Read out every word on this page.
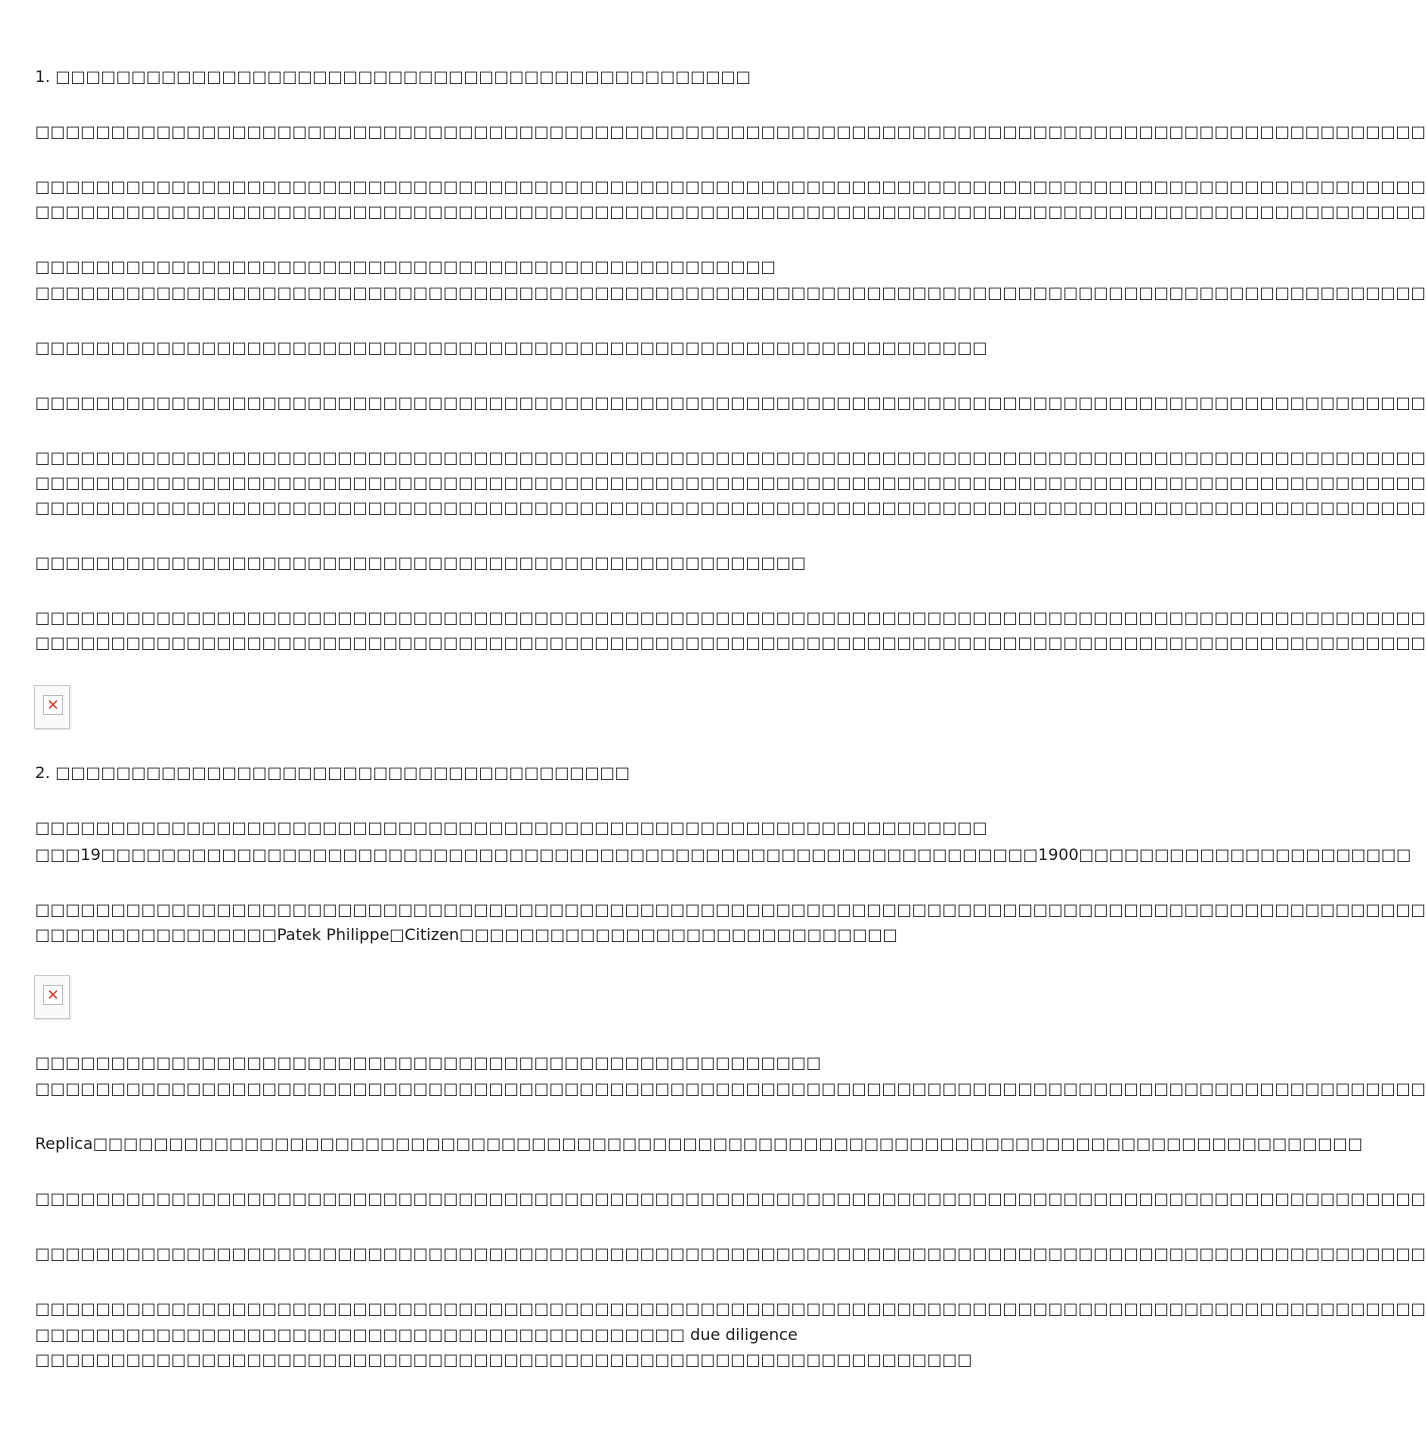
1. □□□□□□□□□□□□□□□□□□□□□□□□□□□□□□□□□□□□□□□□□□□□□□
□□□□□□□□□□□□□□□□□□□□□□□□□□□□□□□□□□□□□□□□□□□□□□□□□□□□□□□□□□□□□□□□□□□□□□□□□□□□□□□□□□□□□□□□□□□□
□□□□□□□□□□□□□□□□□□□□□□□□□□□□□□□□□□□□□□□□□□□□□□□□□□□□□□□□□□□□□□□□□□□□□□□□□□□□□□□□□□□□□□□□□□□□
□□□□□□□□□□□□□□□□□□□□□□□□□□□□□□□□□□□□□□□□□□□□□□□□□□□□□□□□□□□□□□□□□□□□□□□□□□□□□□□□□□□□□□□□□□□□
□□□□□□□□□□□□□□□□□□□□□□□□□□□□□□□□□□□□□□□□□□□□□□□□□
□□□□□□□□□□□□□□□□□□□□□□□□□□□□□□□□□□□□□□□□□□□□□□□□□□□□□□□□□□□□□□□□□□□□□□□□□□□□□□□□□□□□□□□□□□□□
□□□□□□□□□□□□□□□□□□□□□□□□□□□□□□□□□□□□□□□□□□□□□□□□□□□□□□□□□□□□□□□
□□□□□□□□□□□□□□□□□□□□□□□□□□□□□□□□□□□□□□□□□□□□□□□□□□□□□□□□□□□□□□□□□□□□□□□□□□□□□□□□□□□□□□□□□□□□
□□□□□□□□□□□□□□□□□□□□□□□□□□□□□□□□□□□□□□□□□□□□□□□□□□□□□□□□□□□□□□□□□□□□□□□□□□□□□□□□□□□□□□□□□□□□
□□□□□□□□□□□□□□□□□□□□□□□□□□□□□□□□□□□□□□□□□□□□□□□□□□□□□□□□□□□□□□□□□□□□□□□□□□□□□□□□□□□□□□□□□□□□
□□□□□□□□□□□□□□□□□□□□□□□□□□□□□□□□□□□□□□□□□□□□□□□□□□□□□□□□□□□□□□□□□□□□□□□□□□□□□□□□□□□□□□□□□□□□
□□□□□□□□□□□□□□□□□□□□□□□□□□□□□□□□□□□□□□□□□□□□□□□□□□□
□□□□□□□□□□□□□□□□□□□□□□□□□□□□□□□□□□□□□□□□□□□□□□□□□□□□□□□□□□□□□□□□□□□□□□□□□□□□□□□□□□□□□□□□□□□□
□□□□□□□□□□□□□□□□□□□□□□□□□□□□□□□□□□□□□□□□□□□□□□□□□□□□□□□□□□□□□□□□□□□□□□□□□□□□□□□□□□□□□□□□□□□□
✕
2. □□□□□□□□□□□□□□□□□□□□□□□□□□□□□□□□□□□□□□
□□□□□□□□□□□□□□□□□□□□□□□□□□□□□□□□□□□□□□□□□□□□□□□□□□□□□□□□□□□□□□□
□□□19□□□□□□□□□□□□□□□□□□□□□□□□□□□□□□□□□□□□□□□□□□□□□□□□□□□□□□□□□□□□□□1900□□□□□□□□□□□□□□□□□□□□□□
□□□□□□□□□□□□□□□□□□□□□□□□□□□□□□□□□□□□□□□□□□□□□□□□□□□□□□□□□□□□□□□□□□□□□□□□□□□□□□□□□□□□□□□□□□□□
□□□□□□□□□□□□□□□□Patek Philippe□Citizen□□□□□□□□□□□□□□□□□□□□□□□□□□□□□
✕
□□□□□□□□□□□□□□□□□□□□□□□□□□□□□□□□□□□□□□□□□□□□□□□□□□□□
□□□□□□□□□□□□□□□□□□□□□□□□□□□□□□□□□□□□□□□□□□□□□□□□□□□□□□□□□□□□□□□□□□□□□□□□□□□□□□□□□□□□□□□□□□□□
Replica□□□□□□□□□□□□□□□□□□□□□□□□□□□□□□□□□□□□□□□□□□□□□□□□□□□□□□□□□□□□□□□□□□□□□□□□□□□□□□□□□□□□
□□□□□□□□□□□□□□□□□□□□□□□□□□□□□□□□□□□□□□□□□□□□□□□□□□□□□□□□□□□□□□□□□□□□□□□□□□□□□□□□□□□□□□□□□□□□
□□□□□□□□□□□□□□□□□□□□□□□□□□□□□□□□□□□□□□□□□□□□□□□□□□□□□□□□□□□□□□□□□□□□□□□□□□□□□□□□□□□□□□□□□□□□
□□□□□□□□□□□□□□□□□□□□□□□□□□□□□□□□□□□□□□□□□□□□□□□□□□□□□□□□□□□□□□□□□□□□□□□□□□□□□□□□□□□□□□□□□□□□
□□□□□□□□□□□□□□□□□□□□□□□□□□□□□□□□□□□□□□□□□□□ due diligence
□□□□□□□□□□□□□□□□□□□□□□□□□□□□□□□□□□□□□□□□□□□□□□□□□□□□□□□□□□□□□□
